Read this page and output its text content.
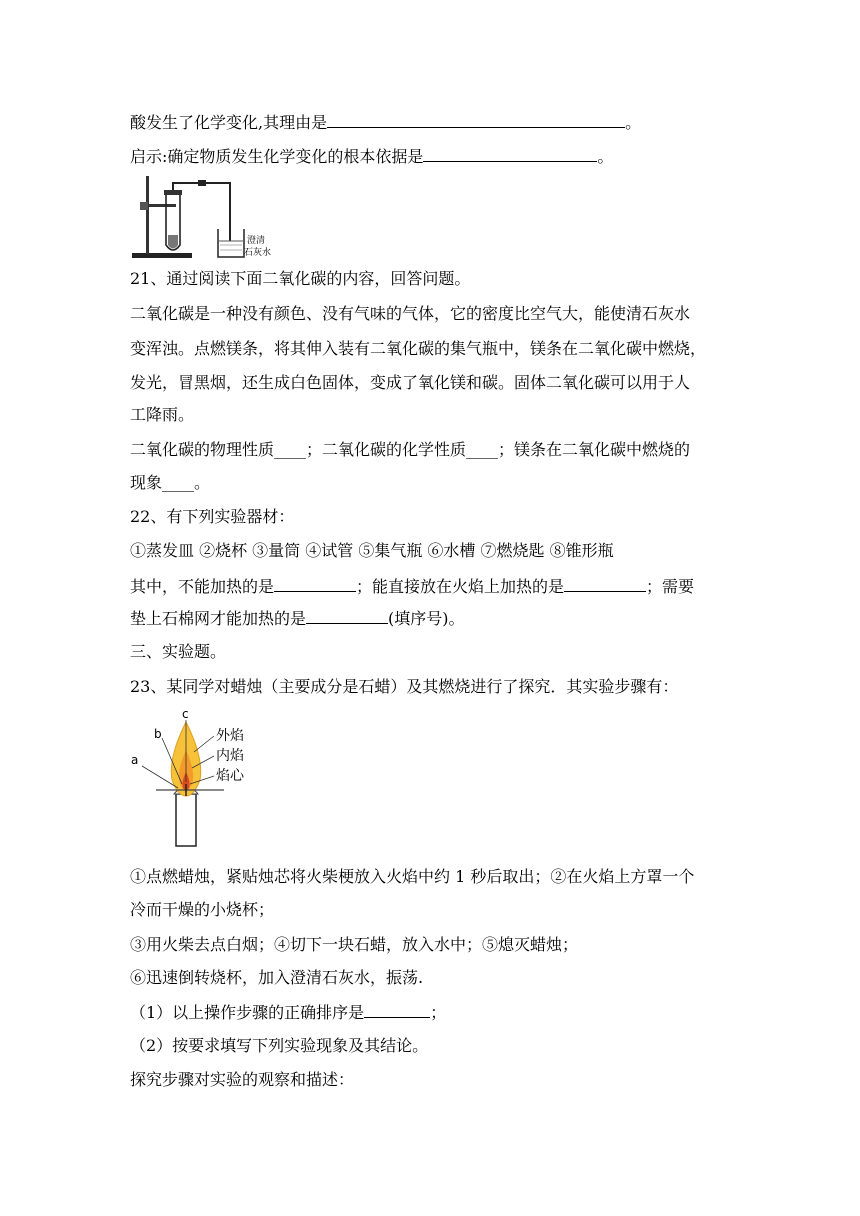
酸发生了化学变化,其理由是	。
启示:确定物质发生化学变化的根本依据是	。
澄清
石灰水
21、通过阅读下面二氧化碳的内容，回答问题。
二氧化碳是一种没有颜色、没有气味的气体，它的密度比空气大，能使清石灰水
变浑浊。点燃镁条，将其伸入装有二氧化碳的集气瓶中，镁条在二氧化碳中燃烧，
发光，冒黑烟，还生成白色固体，变成了氧化镁和碳。固体二氧化碳可以用于人
工降雨。
二氧化碳的物理性质____；二氧化碳的化学性质____；镁条在二氧化碳中燃烧的
现象____。
22、有下列实验器材：
①蒸发皿 ②烧杯 ③量筒 ④试管 ⑤集气瓶 ⑥水槽 ⑦燃烧匙 ⑧锥形瓶
其中，不能加热的是	；能直接放在火焰上加热的是	；需要
垫上石棉网才能加热的是	(填序号)。
三、实验题。
23、某同学对蜡烛（主要成分是石蜡）及其燃烧进行了探究．其实验步骤有：
a
b
c
外焰
内焰
焰心
①点燃蜡烛，紧贴烛芯将火柴梗放入火焰中约 1 秒后取出；②在火焰上方罩一个
冷而干燥的小烧杯；
③用火柴去点白烟；④切下一块石蜡，放入水中；⑤熄灭蜡烛；
⑥迅速倒转烧杯，加入澄清石灰水，振荡.
（1）以上操作步骤的正确排序是	；
（2）按要求填写下列实验现象及其结论。
探究步骤对实验的观察和描述：
